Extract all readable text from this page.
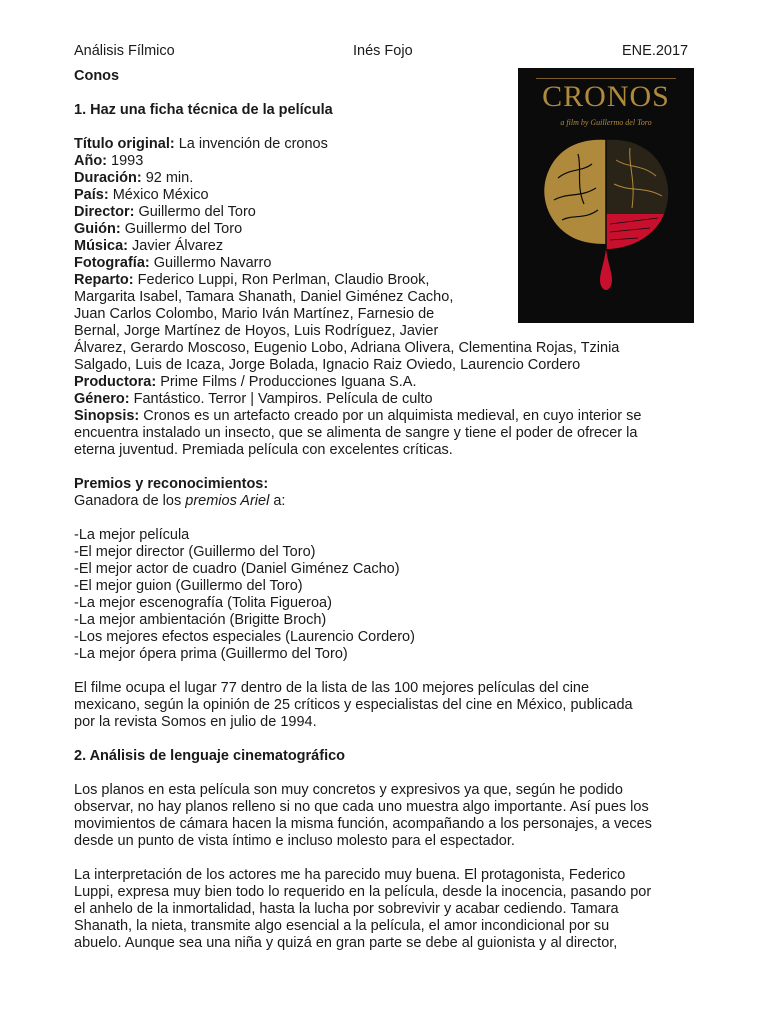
Análisis Fílmico	Inés Fojo	ENE.2017
CRONOS
a film by Guillermo del Toro
Conos
1. Haz una ficha técnica de la película
Título original: La invención de cronos
Año: 1993
Duración: 92 min.
País: México México
Director: Guillermo del Toro
Guión: Guillermo del Toro
Música: Javier Álvarez
Fotografía: Guillermo Navarro
Reparto: Federico Luppi, Ron Perlman, Claudio Brook,
Margarita Isabel, Tamara Shanath, Daniel Giménez Cacho,
Juan Carlos Colombo, Mario Iván Martínez, Farnesio de
Bernal, Jorge Martínez de Hoyos, Luis Rodríguez, Javier
Álvarez, Gerardo Moscoso, Eugenio Lobo, Adriana Olivera, Clementina Rojas, Tzinia
Salgado, Luis de Icaza, Jorge Bolada, Ignacio Raiz Oviedo, Laurencio Cordero
Productora: Prime Films / Producciones Iguana S.A.
Género: Fantástico. Terror | Vampiros. Película de culto
Sinopsis: Cronos es un artefacto creado por un alquimista medieval, en cuyo interior se
encuentra instalado un insecto, que se alimenta de sangre y tiene el poder de ofrecer la
eterna juventud. Premiada película con excelentes críticas.
Premios y reconocimientos:
Ganadora de los premios Ariel a:
-La mejor película
-El mejor director (Guillermo del Toro)
-El mejor actor de cuadro (Daniel Giménez Cacho)
-El mejor guion (Guillermo del Toro)
-La mejor escenografía (Tolita Figueroa)
-La mejor ambientación (Brigitte Broch)
-Los mejores efectos especiales (Laurencio Cordero)
-La mejor ópera prima (Guillermo del Toro)
El filme ocupa el lugar 77 dentro de la lista de las 100 mejores películas del cine
mexicano, según la opinión de 25 críticos y especialistas del cine en México, publicada
por la revista Somos en julio de 1994.
2. Análisis de lenguaje cinematográfico
Los planos en esta película son muy concretos y expresivos ya que, según he podido
observar, no hay planos relleno si no que cada uno muestra algo importante. Así pues los
movimientos de cámara hacen la misma función, acompañando a los personajes, a veces
desde un punto de vista íntimo e incluso molesto para el espectador.
La interpretación de los actores me ha parecido muy buena. El protagonista, Federico
Luppi, expresa muy bien todo lo requerido en la película, desde la inocencia, pasando por
el anhelo de la inmortalidad, hasta la lucha por sobrevivir y acabar cediendo. Tamara
Shanath, la nieta, transmite algo esencial a la película, el amor incondicional por su
abuelo. Aunque sea una niña y quizá en gran parte se debe al guionista y al director,
